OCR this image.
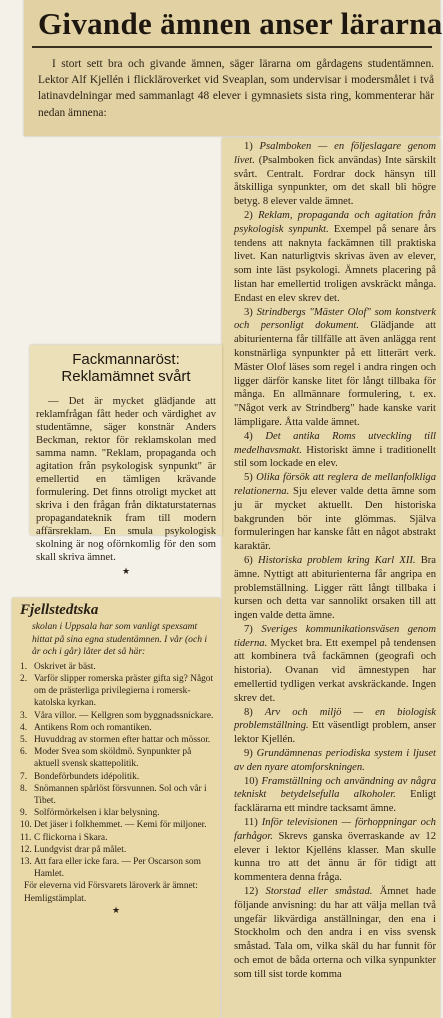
Givande ämnen anser lärarna

I stort sett bra och givande ämnen, säger lärarna om gårdagens studentämnen. Lektor Alf Kjellén i flickläroverket vid Sveaplan, som undervisar i modersmålet i två latinavdelningar med sammanlagt 48 elever i gymnasiets sista ring, kommenterar här nedan ämnena:

1) Psalmboken — en följeslagare genom livet. (Psalmboken fick användas) Inte särskilt svårt. Centralt. Fordrar dock hänsyn till åtskilliga synpunkter, om det skall bli högre betyg. 8 elever valde ämnet.

2) Reklam, propaganda och agitation från psykologisk synpunkt. Exempel på senare års tendens att naknyta fackämnen till praktiska livet. Kan naturligtvis skrivas även av elever, som inte läst psykologi. Ämnets placering på listan har emellertid troligen avskräckt många. Endast en elev skrev det.

3) Strindbergs "Mäster Olof" som konstverk och personligt dokument. Glädjande att abiturienterna får tillfälle att även anlägga rent konstnärliga synpunkter på ett litterärt verk. Mäster Olof läses som regel i andra ringen och ligger därför kanske litet för långt tillbaka för många. En allmännare formulering, t. ex. "Något verk av Strindberg" hade kanske varit lämpligare. Åtta valde ämnet.

4) Det antika Roms utveckling till medelhavsmakt. Historiskt ämne i traditionellt stil som lockade en elev.

5) Olika försök att reglera de mellanfolkliga relationerna. Sju elever valde detta ämne som ju är mycket aktuellt. Den historiska bakgrunden bör inte glömmas. Själva formuleringen har kanske fått en något abstrakt karaktär.

6) Historiska problem kring Karl XII. Bra ämne. Nyttigt att abiturienterna får angripa en problemställning. Ligger rätt långt tillbaka i kursen och detta var sannolikt orsaken till att ingen valde detta ämne.

7) Sveriges kommunikationsväsen genom tiderna. Mycket bra. Ett exempel på tendensen att kombinera två fackämnen (geografi och historia). Ovanan vid ämnestypen har emellertid tydligen verkat avskräckande. Ingen skrev det.

8) Arv och miljö — en biologisk problemställning. Ett väsentligt problem, anser lektor Kjellén.

9) Grundämnenas periodiska system i ljuset av den nyare atomforskningen.

10) Framställning och användning av några tekniskt betydelsefulla alkoholer. Enligt facklärarna ett mindre tacksamt ämne.

11) Inför televisionen — förhoppningar och farhågor. Skrevs ganska överraskande av 12 elever i lektor Kjelléns klasser. Man skulle kunna tro att det ännu är för tidigt att kommentera denna fråga.

12) Storstad eller småstad. Ämnet hade följande anvisning: du har att välja mellan två ungefär likvärdiga anställningar, den ena i Stockholm och den andra i en viss svensk småstad. Tala om, vilka skäl du har funnit för och emot de båda orterna och vilka synpunkter som till sist torde komma

Fackmannaröst:
Reklamämnet svårt

— Det är mycket glädjande att reklamfrågan fått heder och värdighet av studentämne, säger konstnär Anders Beckman, rektor för reklamskolan med samma namn. "Reklam, propaganda och agitation från psykologisk synpunkt" är emellertid en tämligen krävande formulering. Det finns otroligt mycket att skriva i den frågan från diktaturstaternas propagandateknik fram till modern affärsreklam. En smula psykologisk skolning är nog oförnkomlig för den som skall skriva ämnet.

★
Fjellstedtska

skolan i Uppsala har som vanligt spexsamt hittat på sina egna studentämnen. I vår (och i år och i går) låter det så här:

1. Oskrivet är bäst.
2. Varför slipper romerska präster gifta sig? Något om de prästerliga privilegierna i romersk-katolska kyrkan.
3. Våra villor. — Kellgren som byggnadssnickare.
4. Antikens Rom och romantiken.
5. Huvuddrag av stormen efter hattar och mössor.
6. Moder Svea som sköldmö. Synpunkter på aktuell svensk skattepolitik.
7. Bondeförbundets idépolitik.
8. Snömannen spårlöst försvunnen. Sol och vår i Tibet.
9. Solförmörkelsen i klar belysning.
10. Det jäser i folkhemmet. — Kemi för miljoner.
11. C flickorna i Skara.
12. Lundgvist drar på målet.
13. Att fara eller icke fara. — Per Oscarson som Hamlet.

För eleverna vid Försvarets läroverk är ämnet:
Hemligstämplat.

★
